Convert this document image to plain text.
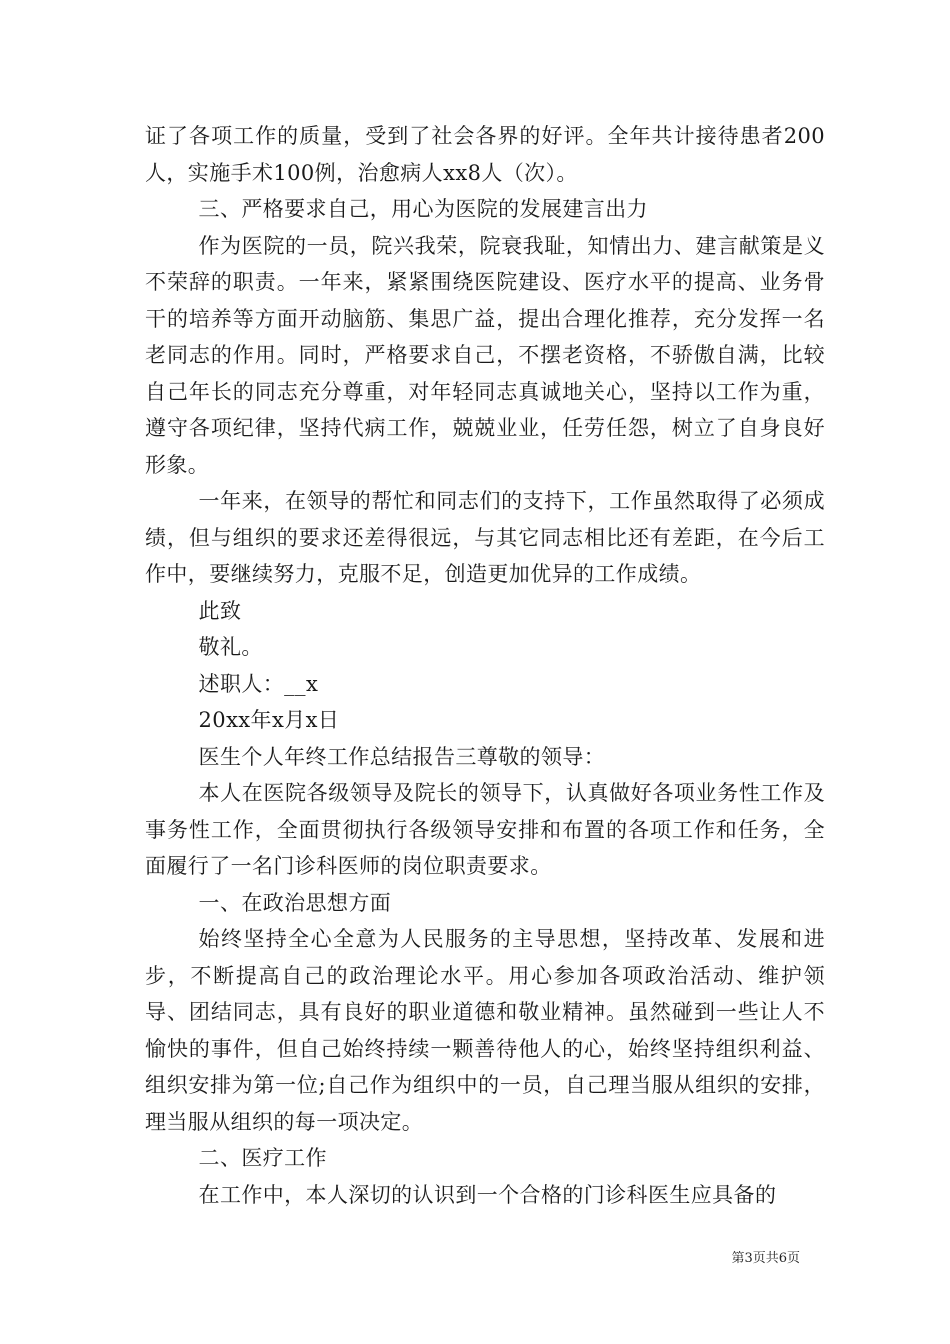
证了各项工作的质量，受到了社会各界的好评。全年共计接待患者200人，实施手术100例，治愈病人xx8人（次）。

三、严格要求自己，用心为医院的发展建言出力

作为医院的一员，院兴我荣，院衰我耻，知情出力、建言献策是义不荣辞的职责。一年来，紧紧围绕医院建设、医疗水平的提高、业务骨干的培养等方面开动脑筋、集思广益，提出合理化推荐，充分发挥一名老同志的作用。同时，严格要求自己，不摆老资格，不骄傲自满，比较自己年长的同志充分尊重，对年轻同志真诚地关心，坚持以工作为重，遵守各项纪律，坚持代病工作，兢兢业业，任劳任怨，树立了自身良好形象。

一年来，在领导的帮忙和同志们的支持下，工作虽然取得了必须成绩，但与组织的要求还差得很远，与其它同志相比还有差距，在今后工作中，要继续努力，克服不足，创造更加优异的工作成绩。

此致

敬礼。

述职人：__x

20xx年x月x日

医生个人年终工作总结报告三尊敬的领导：

本人在医院各级领导及院长的领导下，认真做好各项业务性工作及事务性工作，全面贯彻执行各级领导安排和布置的各项工作和任务，全面履行了一名门诊科医师的岗位职责要求。

一、在政治思想方面

始终坚持全心全意为人民服务的主导思想，坚持改革、发展和进步，不断提高自己的政治理论水平。用心参加各项政治活动、维护领导、团结同志，具有良好的职业道德和敬业精神。虽然碰到一些让人不愉快的事件，但自己始终持续一颗善待他人的心，始终坚持组织利益、组织安排为第一位;自己作为组织中的一员，自己理当服从组织的安排，理当服从组织的每一项决定。

二、医疗工作

在工作中，本人深切的认识到一个合格的门诊科医生应具备的

第3页共6页
